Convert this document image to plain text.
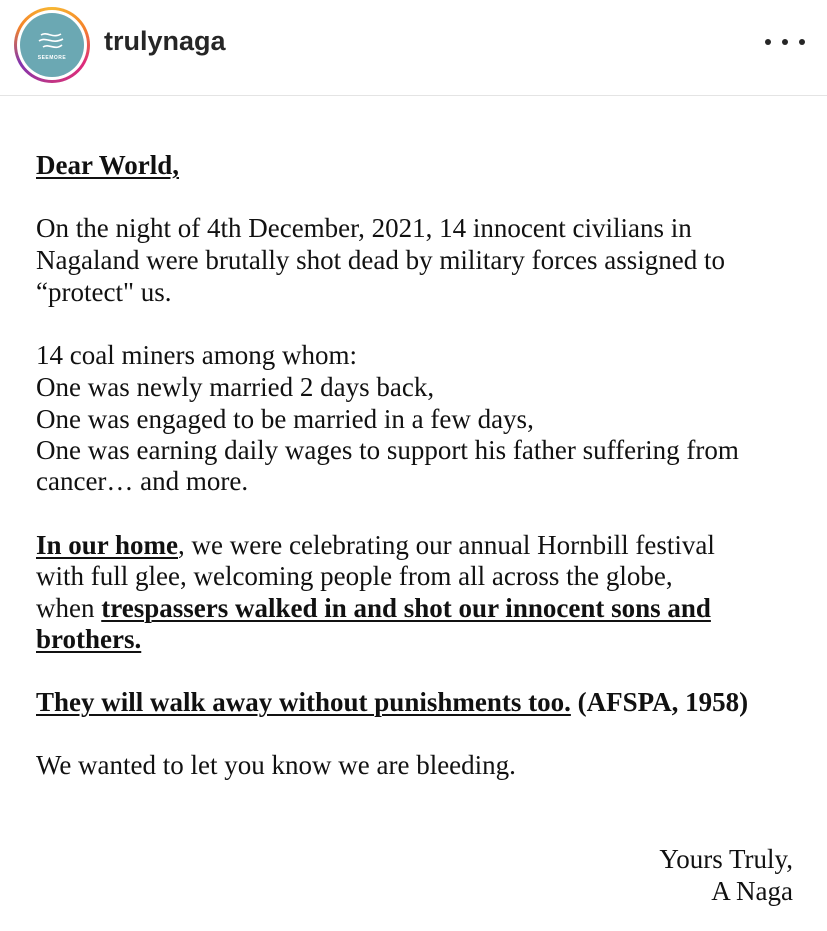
SEEMORE
trulynaga
Dear World,
On the night of 4th December, 2021, 14 innocent civilians in
Nagaland were brutally shot dead by military forces assigned to
“protect" us.
14 coal miners among whom:
One was newly married 2 days back,
One was engaged to be married in a few days,
One was earning daily wages to support his father suffering from
cancer… and more.
In our home, we were celebrating our annual Hornbill festival
with full glee, welcoming people from all across the globe,
when trespassers walked in and shot our innocent sons and
brothers.
They will walk away without punishments too. (AFSPA, 1958)
We wanted to let you know we are bleeding.
Yours Truly,
A Naga
